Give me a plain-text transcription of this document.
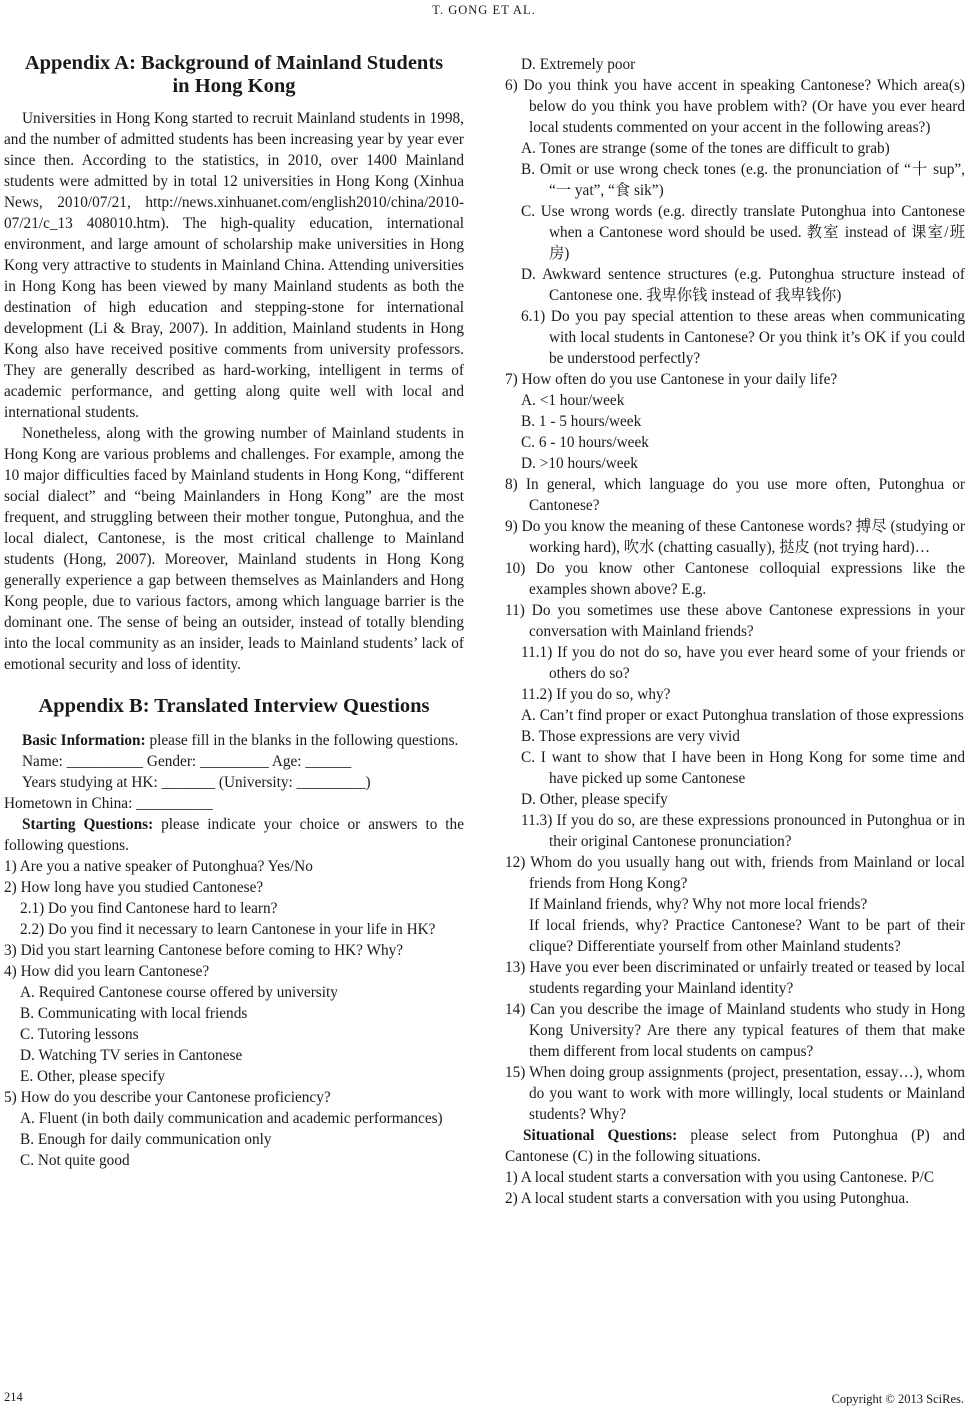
T. GONG ET AL.
Appendix A: Background of Mainland Students
in Hong Kong

Universities in Hong Kong started to recruit Mainland students in 1998, and the number of admitted students has been increasing year by year ever since then. According to the statistics, in 2010, over 1400 Mainland students were admitted by in total 12 universities in Hong Kong (Xinhua News, 2010/07/21, http://news.xinhuanet.com/english2010/china/2010-07/21/c_13 408010.htm). The high-quality education, international environment, and large amount of scholarship make universities in Hong Kong very attractive to students in Mainland China. Attending universities in Hong Kong has been viewed by many Mainland students as both the destination of high education and stepping-stone for international development (Li & Bray, 2007). In addition, Mainland students in Hong Kong also have received positive comments from university professors. They are generally described as hard-working, intelligent in terms of academic performance, and getting along quite well with local and international students.

Nonetheless, along with the growing number of Mainland students in Hong Kong are various problems and challenges. For example, among the 10 major difficulties faced by Mainland students in Hong Kong, “different social dialect” and “being Mainlanders in Hong Kong” are the most frequent, and struggling between their mother tongue, Putonghua, and the local dialect, Cantonese, is the most critical challenge to Mainland students (Hong, 2007). Moreover, Mainland students in Hong Kong generally experience a gap between themselves as Mainlanders and Hong Kong people, due to various factors, among which language barrier is the dominant one. The sense of being an outsider, instead of totally blending into the local community as an insider, leads to Mainland students’ lack of emotional security and loss of identity.

Appendix B: Translated Interview Questions

Basic Information: please fill in the blanks in the following questions.

Name: __________ Gender: _________ Age: ______

Years studying at HK: _______ (University: _________)

Hometown in China: __________

Starting Questions: please indicate your choice or answers to the following questions.

1) Are you a native speaker of Putonghua? Yes/No

2) How long have you studied Cantonese?

2.1) Do you find Cantonese hard to learn?

2.2) Do you find it necessary to learn Cantonese in your life in HK?

3) Did you start learning Cantonese before coming to HK? Why?

4) How did you learn Cantonese?

A. Required Cantonese course offered by university

B. Communicating with local friends

C. Tutoring lessons

D. Watching TV series in Cantonese

E. Other, please specify

5) How do you describe your Cantonese proficiency?

A. Fluent (in both daily communication and academic performances)

B. Enough for daily communication only

C. Not quite good

D. Extremely poor

6) Do you think you have accent in speaking Cantonese? Which area(s) below do you think you have problem with? (Or have you ever heard local students commented on your accent in the following areas?)

A. Tones are strange (some of the tones are difficult to grab)

B. Omit or use wrong check tones (e.g. the pronunciation of “十 sup”, “一 yat”, “食 sik”)

C. Use wrong words (e.g. directly translate Putonghua into Cantonese when a Cantonese word should be used. 教室 instead of 课室/班房)

D. Awkward sentence structures (e.g. Putonghua structure instead of Cantonese one. 我卑你钱 instead of 我卑钱你)

6.1) Do you pay special attention to these areas when communicating with local students in Cantonese? Or you think it’s OK if you could be understood perfectly?

7) How often do you use Cantonese in your daily life?

A. <1 hour/week

B. 1 - 5 hours/week

C. 6 - 10 hours/week

D. >10 hours/week

8) In general, which language do you use more often, Putonghua or Cantonese?

9) Do you know the meaning of these Cantonese words? 搏尽 (studying or working hard), 吹水 (chatting casually), 挞皮 (not trying hard)…

10) Do you know other Cantonese colloquial expressions like the examples shown above? E.g.

11) Do you sometimes use these above Cantonese expressions in your conversation with Mainland friends?

11.1) If you do not do so, have you ever heard some of your friends or others do so?

11.2) If you do so, why?

A. Can’t find proper or exact Putonghua translation of those expressions

B. Those expressions are very vivid

C. I want to show that I have been in Hong Kong for some time and have picked up some Cantonese

D. Other, please specify

11.3) If you do so, are these expressions pronounced in Putonghua or in their original Cantonese pronunciation?

12) Whom do you usually hang out with, friends from Mainland or local friends from Hong Kong?

If Mainland friends, why? Why not more local friends?

If local friends, why? Practice Cantonese? Want to be part of their clique? Differentiate yourself from other Mainland students?

13) Have you ever been discriminated or unfairly treated or teased by local students regarding your Mainland identity?

14) Can you describe the image of Mainland students who study in Hong Kong University? Are there any typical features of them that make them different from local students on campus?

15) When doing group assignments (project, presentation, essay…), whom do you want to work with more willingly, local students or Mainland students? Why?

Situational Questions: please select from Putonghua (P) and Cantonese (C) in the following situations.

1) A local student starts a conversation with you using Cantonese. P/C

2) A local student starts a conversation with you using Putonghua.

214	Copyright © 2013 SciRes.
